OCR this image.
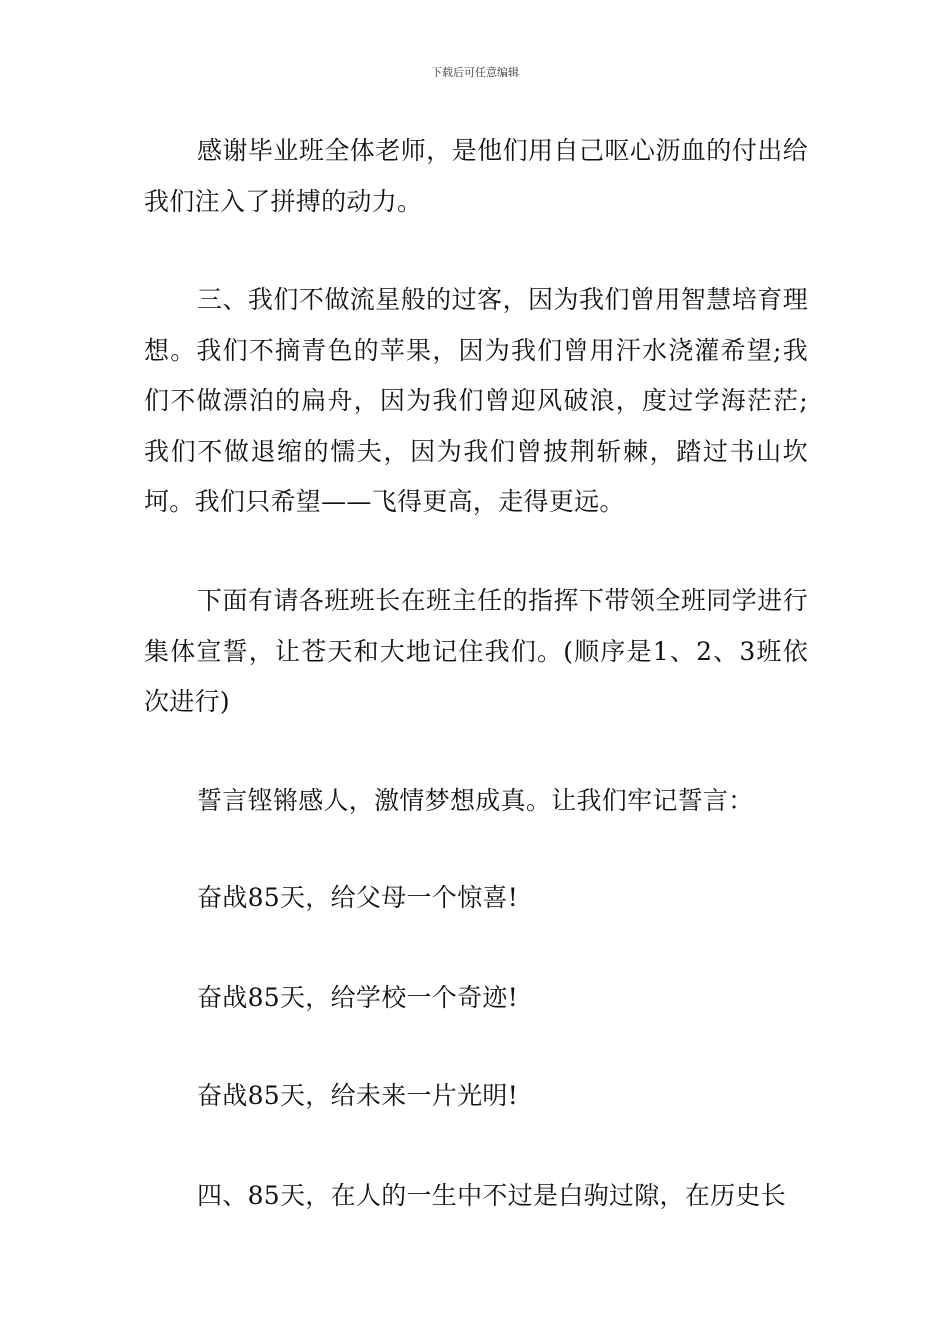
下载后可任意编辑

感谢毕业班全体老师，是他们用自己呕心沥血的付出给我们注入了拼搏的动力。

三、我们不做流星般的过客，因为我们曾用智慧培育理想。我们不摘青色的苹果，因为我们曾用汗水浇灌希望;我们不做漂泊的扁舟，因为我们曾迎风破浪，度过学海茫茫;我们不做退缩的懦夫，因为我们曾披荆斩棘，踏过书山坎坷。我们只希望——飞得更高，走得更远。

下面有请各班班长在班主任的指挥下带领全班同学进行集体宣誓，让苍天和大地记住我们。(顺序是1、2、3班依次进行)

誓言铿锵感人，激情梦想成真。让我们牢记誓言：

奋战85天，给父母一个惊喜!

奋战85天，给学校一个奇迹!

奋战85天，给未来一片光明!

四、85天，在人的一生中不过是白驹过隙，在历史长
